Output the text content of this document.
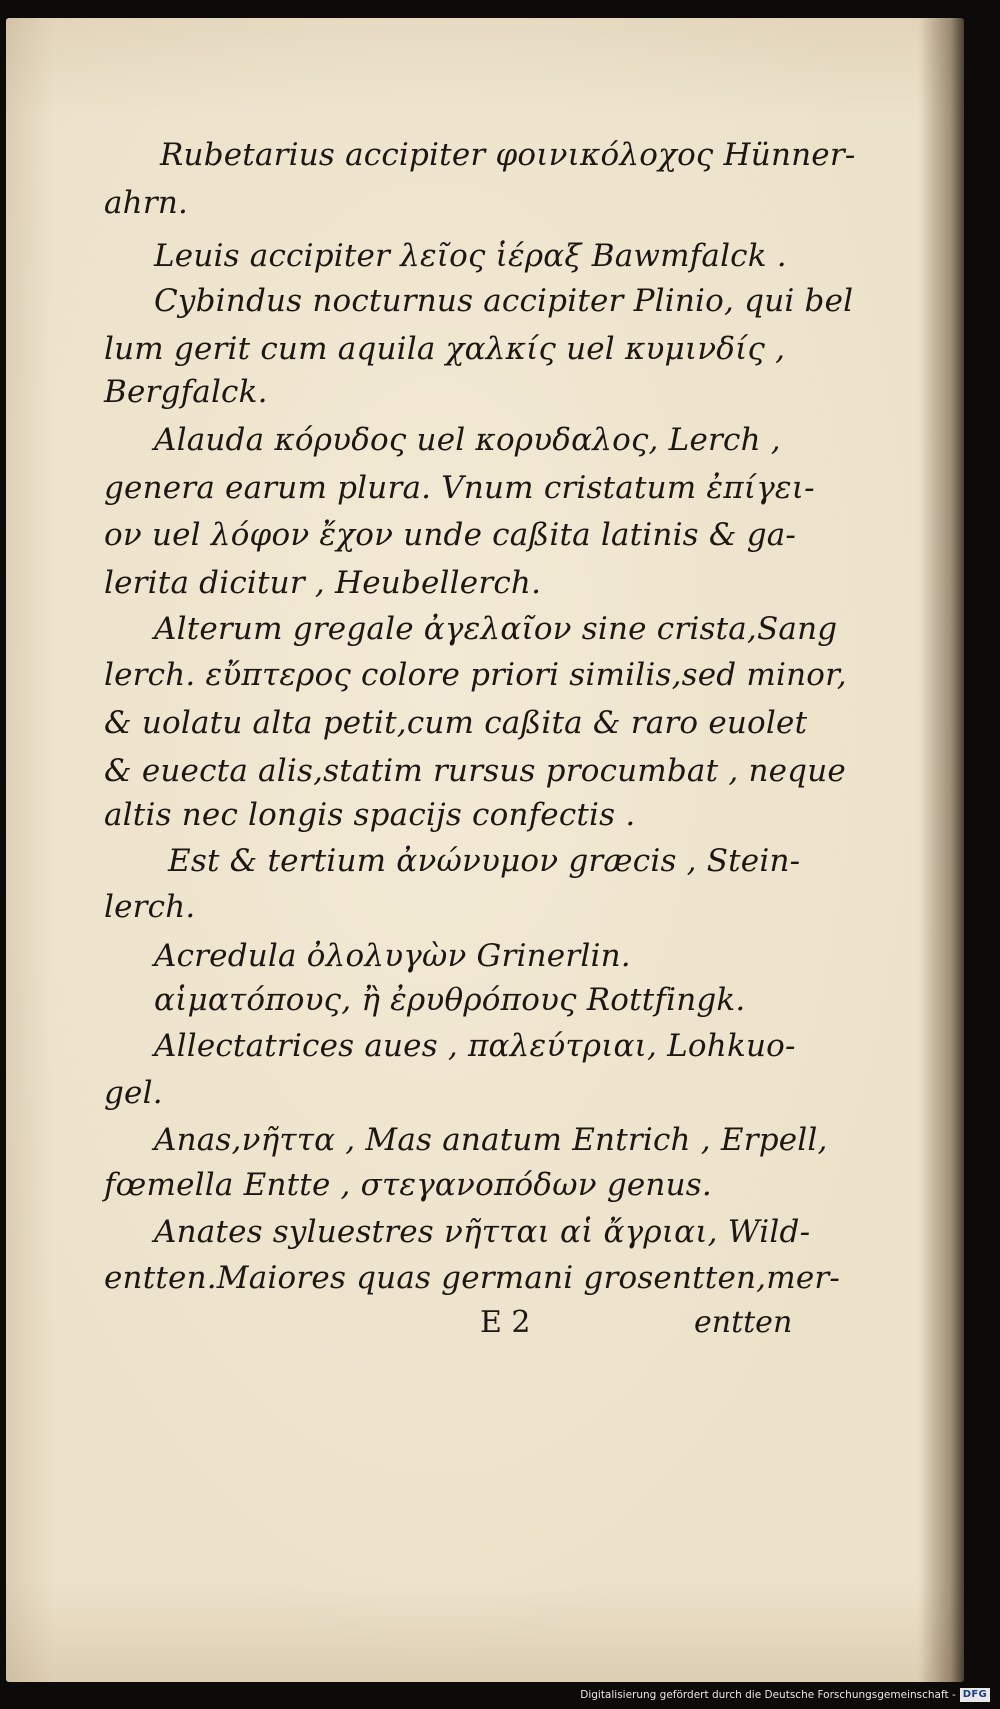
Rubetarius accipiter φοινικόλοχος Hünner-
ahrn.
Leuis accipiter λεῖος ἱέραξ Bawmfalck .
Cybindus nocturnus accipiter Plinio, qui bel
lum gerit cum aquila χαλκίς uel κυμινδίς ,
Bergfalck.
Alauda κόρυδος uel κορυδαλος, Lerch ,
genera earum plura. Vnum cristatum ἐπίγει-
ον uel λόφον ἔχον unde caßita latinis & ga-
lerita dicitur , Heubellerch.
Alterum gregale ἀγελαῖον sine crista,Sang
lerch. εὔπτερος colore priori similis,sed minor,
& uolatu alta petit,cum caßita & raro euolet
& euecta alis,statim rursus procumbat , neque
altis nec longis spacijs confectis .
Est & tertium ἀνώνυμον græcis , Stein-
lerch.
Acredula ὀλολυγὼν Grinerlin.
αἱματόπους, ἢ ἐρυθρόπους Rottfingk.
Allectatrices aues , παλεύτριαι, Lohkuo-
gel.
Anas,νῆττα , Mas anatum Entrich , Erpell,
fœmella Entte , στεγανοπόδων genus.
Anates syluestres νῆτται αἱ ἄγριαι, Wild-
entten.Maiores quas germani grosentten,mer-
E 2	entten
Digitalisierung gefördert durch die Deutsche Forschungsgemeinschaft - DFG
